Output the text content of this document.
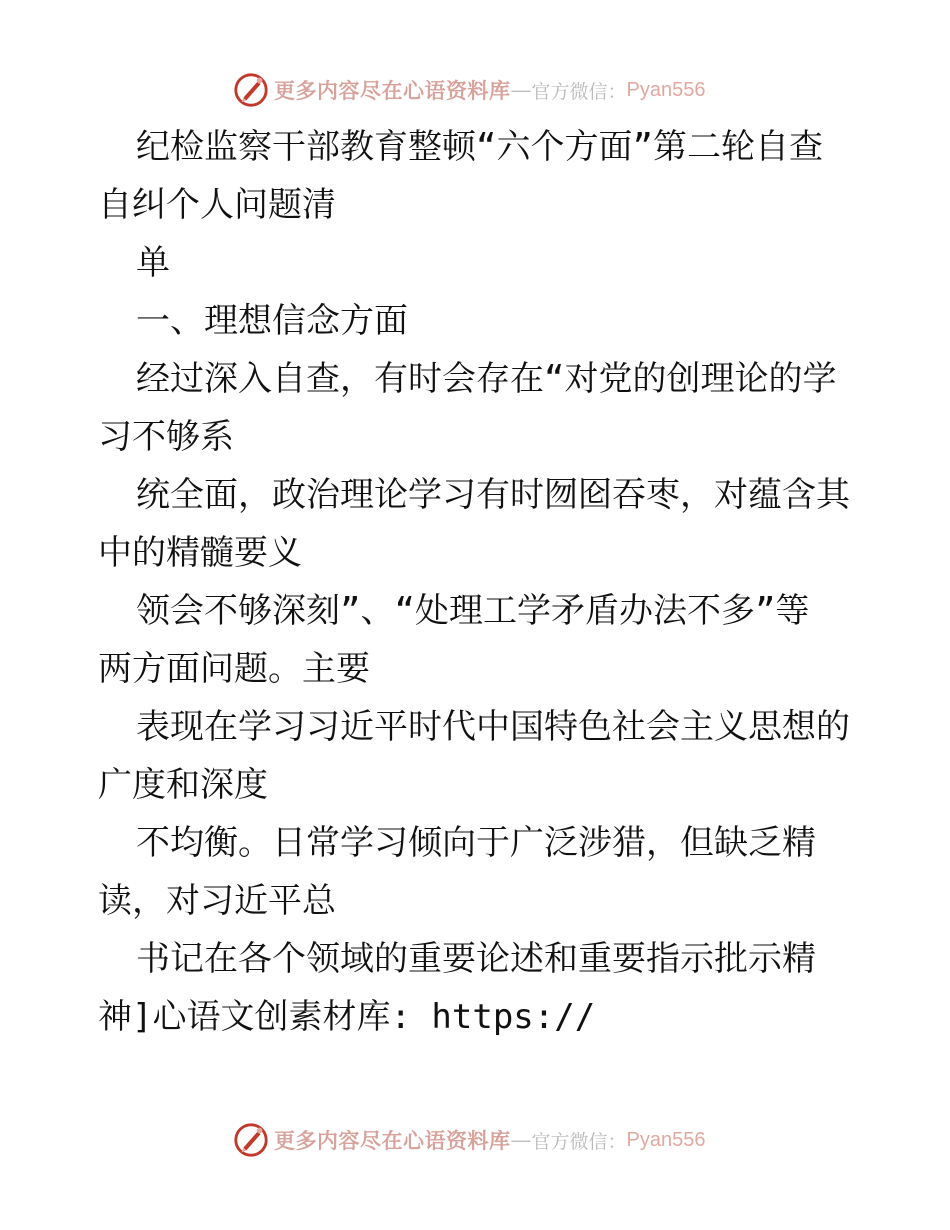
更多内容尽在心语资料库 — 官方微信： Pyan556
纪检监察干部教育整顿“六个方面”第二轮自查
自纠个人问题清
单
一、理想信念方面
经过深入自查，有时会存在“对党的创理论的学
习不够系
统全面，政治理论学习有时囫囵吞枣，对蕴含其
中的精髓要义
领会不够深刻”、“处理工学矛盾办法不多”等
两方面问题。主要
表现在学习习近平时代中国特色社会主义思想的
广度和深度
不均衡。日常学习倾向于广泛涉猎，但缺乏精
读，对习近平总
书记在各个领域的重要论述和重要指示批示精
神]心语文创素材库: https://
更多内容尽在心语资料库 — 官方微信： Pyan556
